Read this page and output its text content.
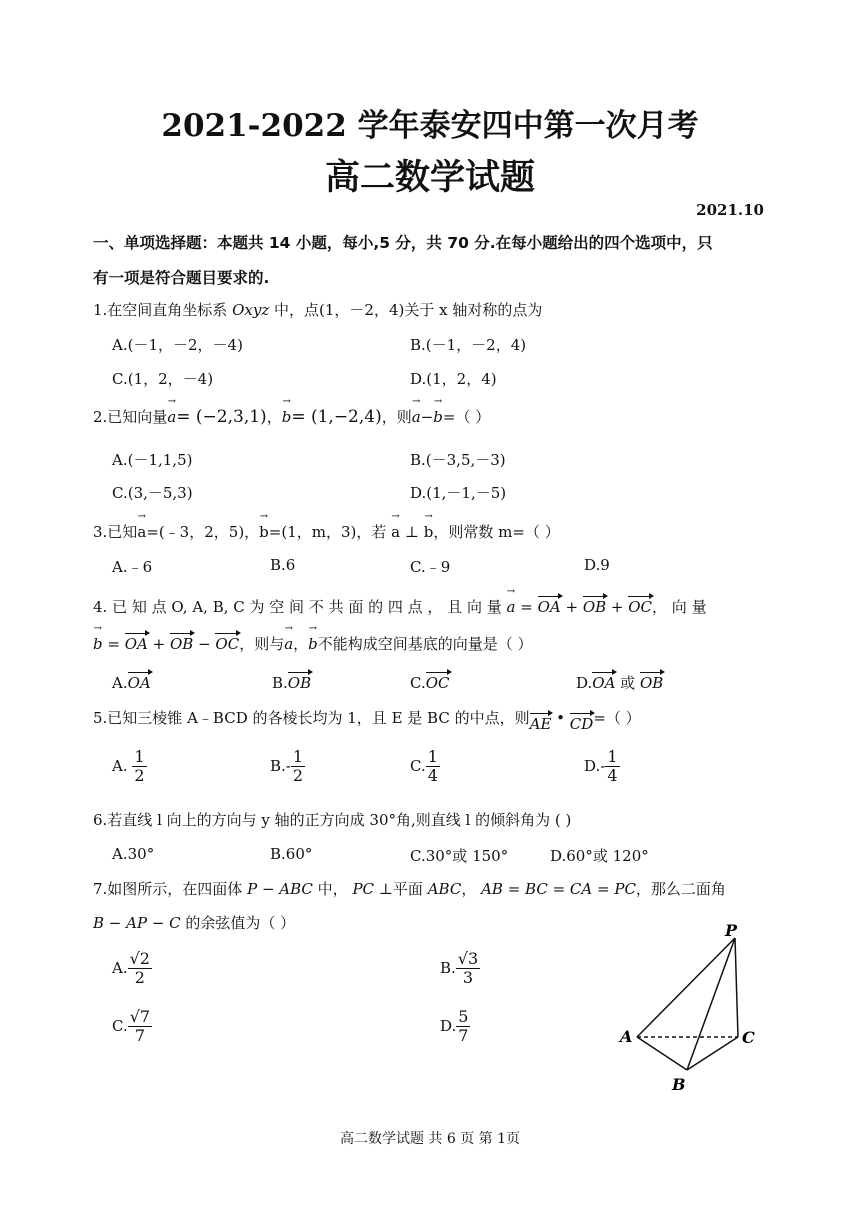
2021-2022 学年泰安四中第一次月考
高二数学试题
2021.10
一、单项选择题：本题共 14 小题，每小,5 分，共 70 分.在每小题给出的四个选项中，只
有一项是符合题目要求的.
1.在空间直角坐标系 Oxyz 中，点(1，－2，4)关于 x 轴对称的点为
A.(－1，－2，－4)	B.(－1，－2，4)
C.(1，2，－4)	D.(1，2，4)
2.已知向量→ a= (−2,3,1)，→ b= (1,−2,4)，则→ a−→ b=（ ）
A.(－1,1,5)	B.(－3,5,－3)
C.(3,－5,3)	D.(1,－1,－5)
3.已知→ a=(﹣3，2，5)，→ b=(1，m，3)，若 → a ⊥ → b，则常数 m=（ ）
A.﹣6	B.6	C.﹣9	D.9
4. 已 知 点 O, A, B, C 为 空 间 不 共 面 的 四 点 ， 且 向 量 → a = OA + OB + OC， 向 量
→ b = OA + OB − OC，则与→ a，→ b不能构成空间基底的向量是（ ）
A.OA	B.OB	C.OC	D.OA 或 OB
5.已知三棱锥 A﹣BCD 的各棱长均为 1，且 E 是 BC 的中点，则AE • CD=（ ）
A. $\frac{1}{2}$	$B.- \frac{1}{2}$	C. $\frac{1}{4}$	$D.- \frac{1}{4}$
6.若直线 l 向上的方向与 y 轴的正方向成 30°角,则直线 l 的倾斜角为 ( )
A.30°	B.60°	C.30°或 150°	D.60°或 120°
7.如图所示，在四面体 P − ABC 中， PC ⊥平面 ABC， AB = BC = CA = PC，那么二面角
B − AP − C 的余弦值为（ ）
A. $\frac{√2}{2}$	B. $\frac{√3}{3}$
C. $\frac{√7}{7}$	D. $\frac{5}{7}$
P
A	C
B
高二数学试题 共 6 页 第 1页
